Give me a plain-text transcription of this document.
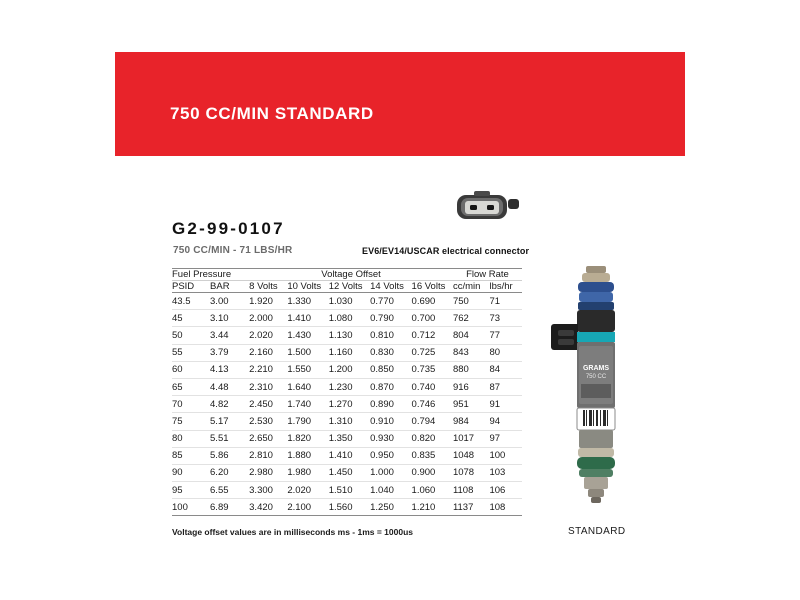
750 CC/MIN STANDARD
G2-99-0107
750 CC/MIN - 71 LBS/HR	EV6/EV14/USCAR electrical connector
Fuel Pressure		Voltage Offset					Flow Rate	
PSID	BAR	8 Volts	10 Volts	12 Volts	14 Volts	16 Volts	cc/min	lbs/hr
43.5	3.00	1.920	1.330	1.030	0.770	0.690	750	71
45	3.10	2.000	1.410	1.080	0.790	0.700	762	73
50	3.44	2.020	1.430	1.130	0.810	0.712	804	77
55	3.79	2.160	1.500	1.160	0.830	0.725	843	80
60	4.13	2.210	1.550	1.200	0.850	0.735	880	84
65	4.48	2.310	1.640	1.230	0.870	0.740	916	87
70	4.82	2.450	1.740	1.270	0.890	0.746	951	91
75	5.17	2.530	1.790	1.310	0.910	0.794	984	94
80	5.51	2.650	1.820	1.350	0.930	0.820	1017	97
85	5.86	2.810	1.880	1.410	0.950	0.835	1048	100
90	6.20	2.980	1.980	1.450	1.000	0.900	1078	103
95	6.55	3.300	2.020	1.510	1.040	1.060	1108	106
100	6.89	3.420	2.100	1.560	1.250	1.210	1137	108
Voltage offset values are in milliseconds ms - 1ms = 1000us
GRAMS
750 CC
STANDARD
